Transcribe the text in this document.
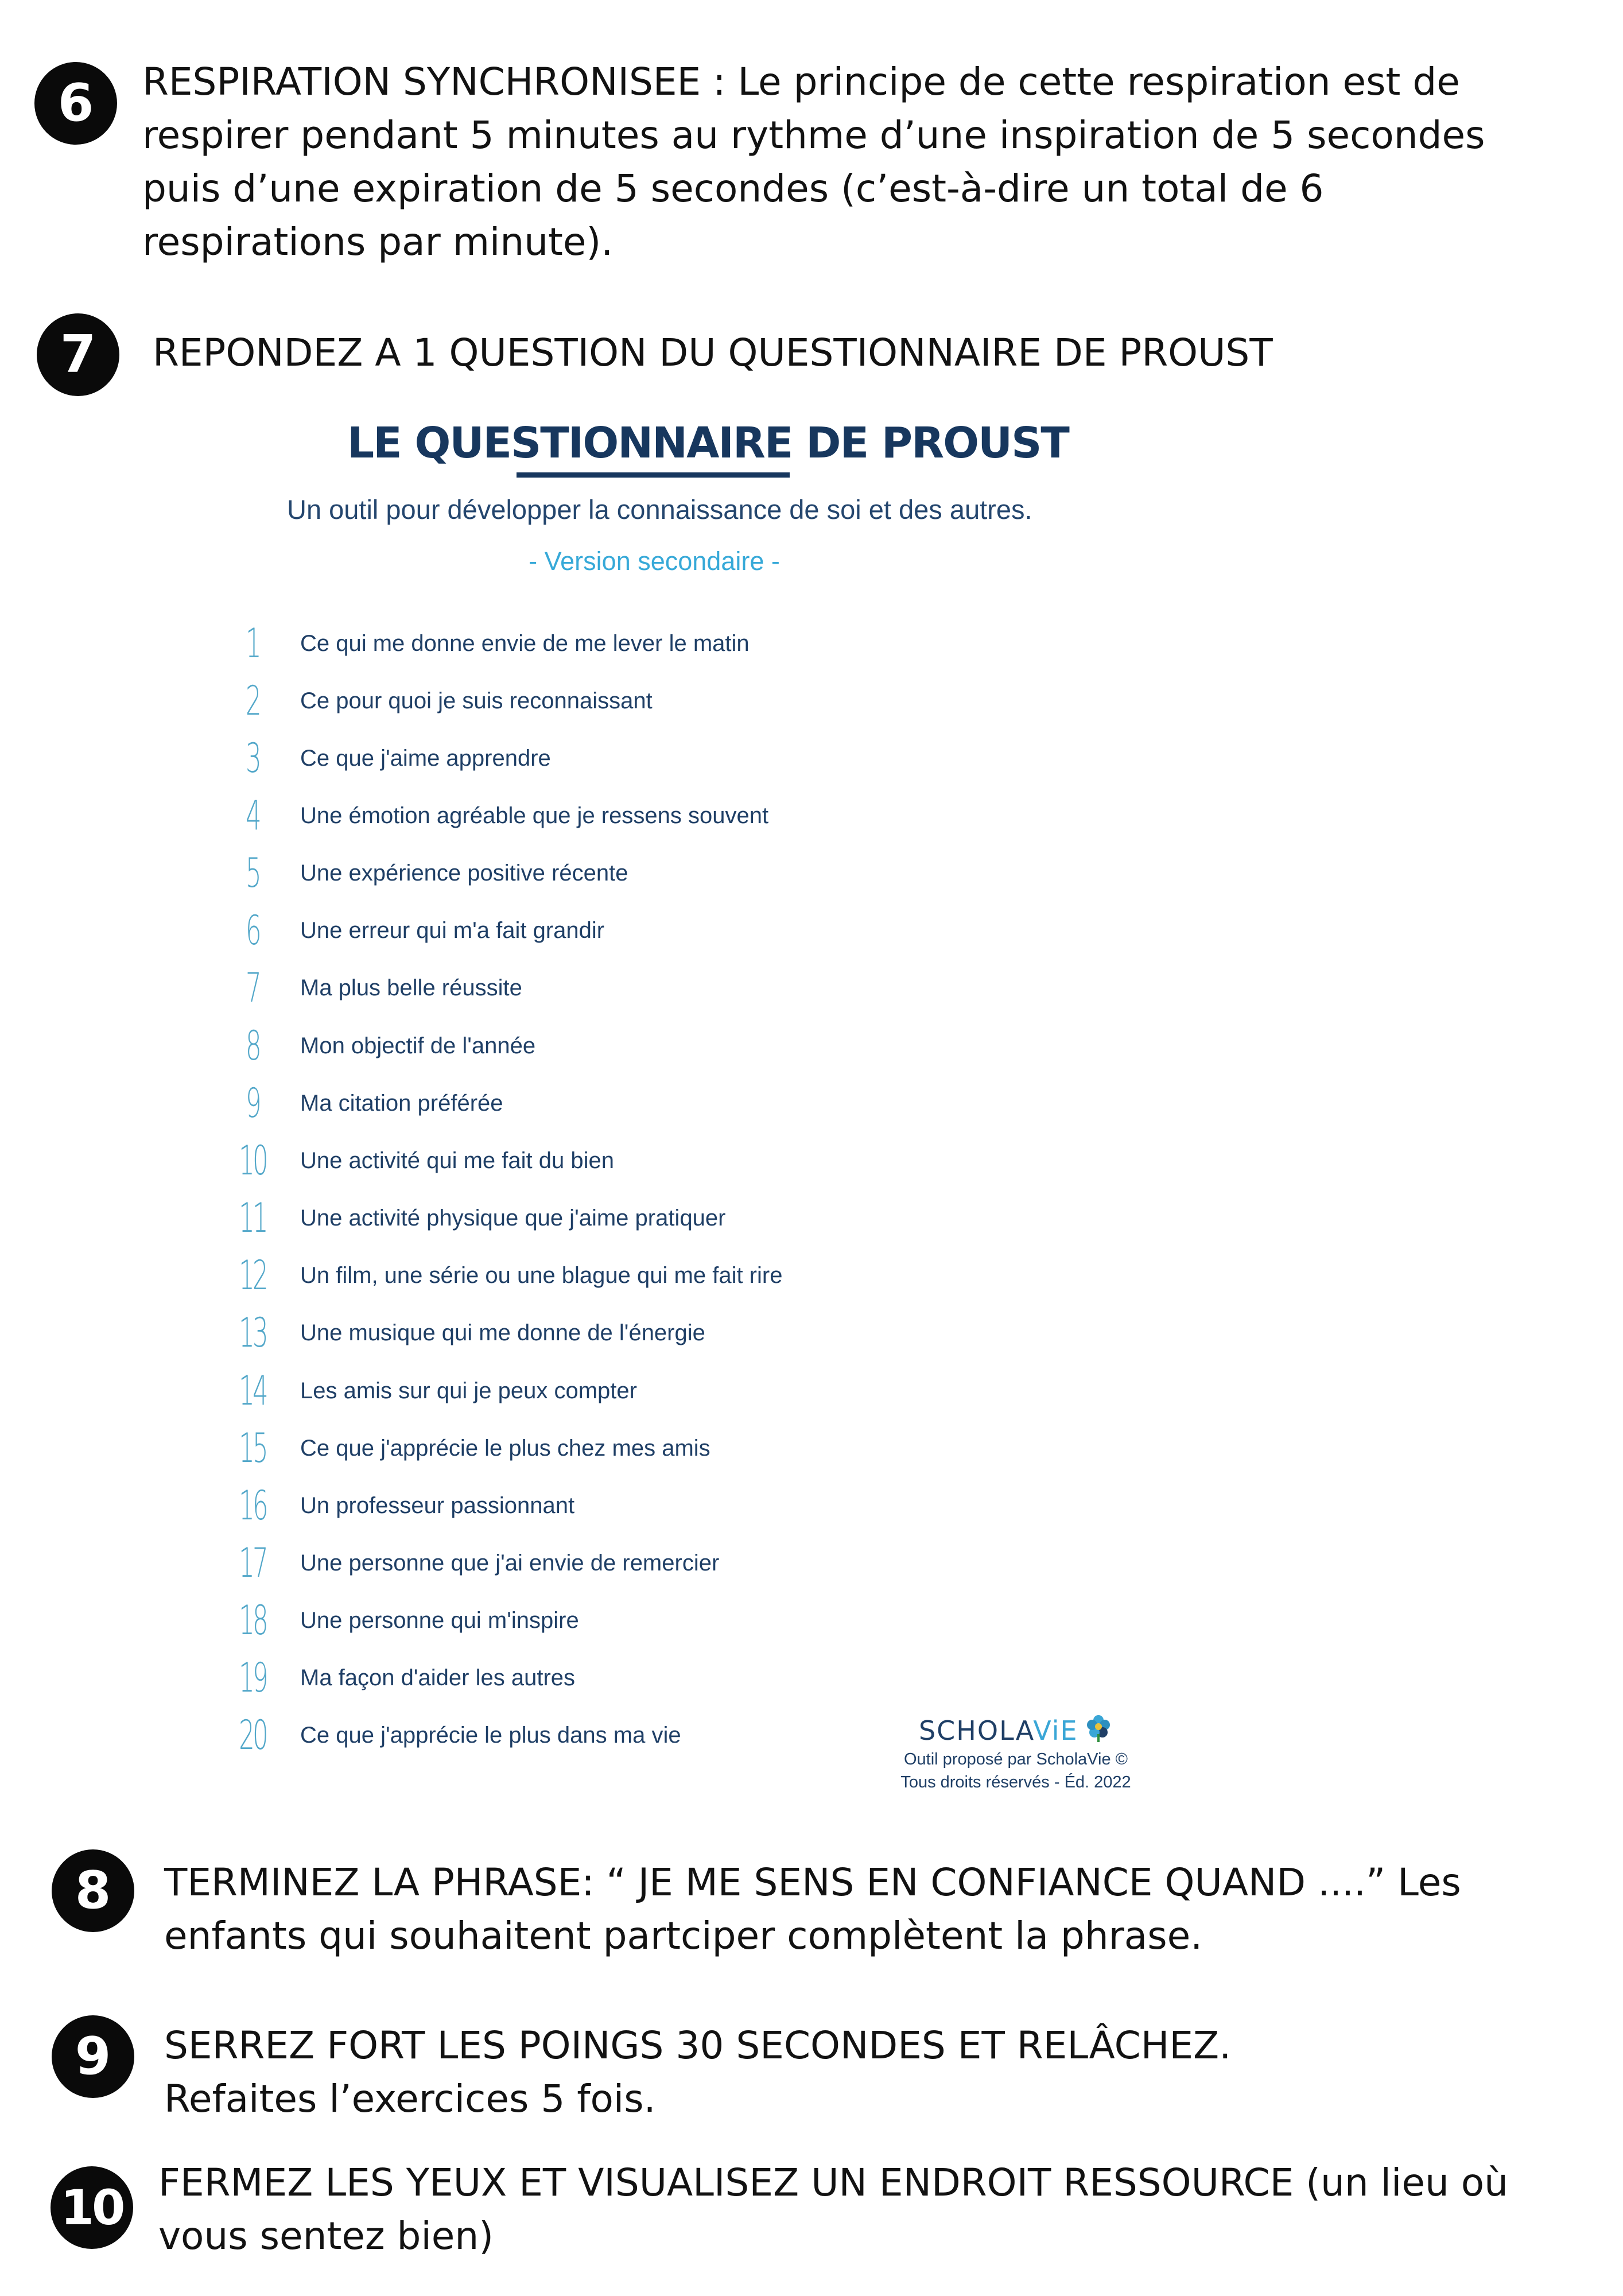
6	RESPIRATION SYNCHRONISEE : Le principe de cette respiration est de
respirer pendant 5 minutes au rythme d’une inspiration de 5 secondes
puis d’une expiration de 5 secondes (c’est-à-dire un total de 6
respirations par minute).

7	REPONDEZ A 1 QUESTION DU QUESTIONNAIRE DE PROUST

LE QUESTIONNAIRE DE PROUST

Un outil pour développer la connaissance de soi et des autres.

- Version secondaire -

1	Ce qui me donne envie de me lever le matin
2	Ce pour quoi je suis reconnaissant
3	Ce que j'aime apprendre
4	Une émotion agréable que je ressens souvent
5	Une expérience positive récente
6	Une erreur qui m'a fait grandir
7	Ma plus belle réussite
8	Mon objectif de l'année
9	Ma citation préférée
10	Une activité qui me fait du bien
11	Une activité physique que j'aime pratiquer
12	Un film, une série ou une blague qui me fait rire
13	Une musique qui me donne de l'énergie
14	Les amis sur qui je peux compter
15	Ce que j'apprécie le plus chez mes amis
16	Un professeur passionnant
17	Une personne que j'ai envie de remercier
18	Une personne qui m'inspire
19	Ma façon d'aider les autres
20	Ce que j'apprécie le plus dans ma vie	SCHOLAViE
Outil proposé par ScholaVie ©
Tous droits réservés - Éd. 2022
8	TERMINEZ LA PHRASE: “ JE ME SENS EN CONFIANCE QUAND ....” Les
enfants qui souhaitent partciper complètent la phrase.

9	SERREZ FORT LES POINGS 30 SECONDES ET RELÂCHEZ.
Refaites l’exercices 5 fois.

10 FERMEZ LES YEUX ET VISUALISEZ UN ENDROIT RESSOURCE (un lieu où
vous sentez bien)
